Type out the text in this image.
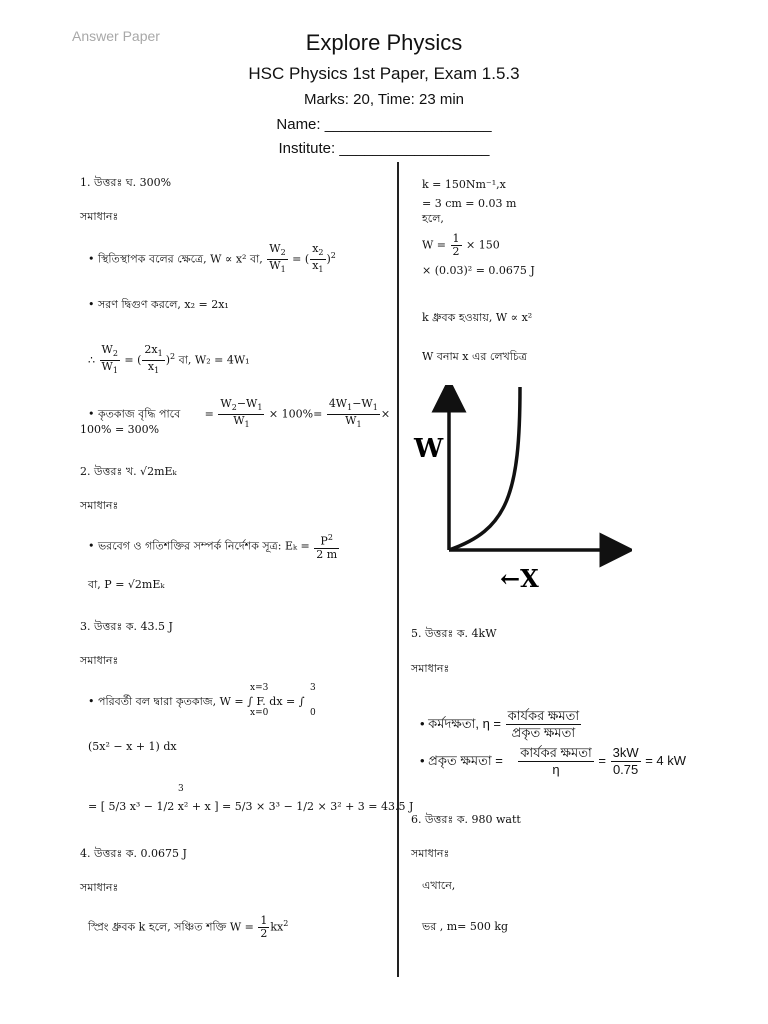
Answer Paper	Explore Physics
HSC Physics 1st Paper, Exam 1.5.3
Marks: 20, Time: 23 min
Name: ____________________
Institute: __________________
1. উত্তরঃ ঘ. 300%
সমাধানঃ
• স্থিতিস্থাপক বলের ক্ষেত্রে, W ∝ x² বা, $\frac{W_2}{W_1}$ = ( $\frac{x_2}{x_1} )^2$
• সরণ দ্বিগুণ করলে, x₂ = 2x₁
∴ $\frac{W_2}{W_1}$ = ( $\frac{2x_1}{x_1} )^2$ বা, W₂ = 4W₁
• কৃতকাজ বৃদ্ধি পাবে       = $\frac{W_2-W_1}{W_1} \times 100\%= \frac{4W_1-W_1}{W_1}$ ×
100% = 300%
2. উত্তরঃ খ. √2mEₖ
সমাধানঃ
• ভরবেগ ও গতিশক্তির সম্পর্ক নির্দেশক সূত্র: $E_k = \frac{P^2}{2 m}$
বা, P = √2mEₖ
3. উত্তরঃ ক. 43.5 J
সমাধানঃ
x=3	3
• পরিবর্তী বল দ্বারা কৃতকাজ, W = ∫ F. dx = ∫
x=0	0
(5x² − x + 1) dx
3
= [ 5/3 x³ − 1/2 x² + x ] = 5/3 × 3³ − 1/2 × 3² + 3 = 43.5 J
4. উত্তরঃ ক. 0.0675 J
সমাধানঃ
স্প্রিং ধ্রুবক k হলে, সঞ্চিত শক্তি $W = \frac{1}{2} kx^2$
k = 150Nm⁻¹,x
= 3 cm = 0.03 m
হলে,
$W = \frac{1}{2} \times 150$
× (0.03)² = 0.0675 J
k ধ্রুবক হওয়ায়, W ∝ x²
W বনাম x এর লেখচিত্র
W
←X
5. উত্তরঃ ক. 4kW
সমাধানঃ
• কর্মদক্ষতা, $\eta = \frac{\text{কার্যকর ক্ষমতা}}{\text{প্রকৃত ক্ষমতা}}$
• প্রকৃত ক্ষমতা = $\frac{\text{কার্যকর ক্ষমতা}}{\eta} = \frac{3kW}{0.75} = 4$ kW
6. উত্তরঃ ক. 980 watt
সমাধানঃ
এখানে,
ভর , m= 500 kg
